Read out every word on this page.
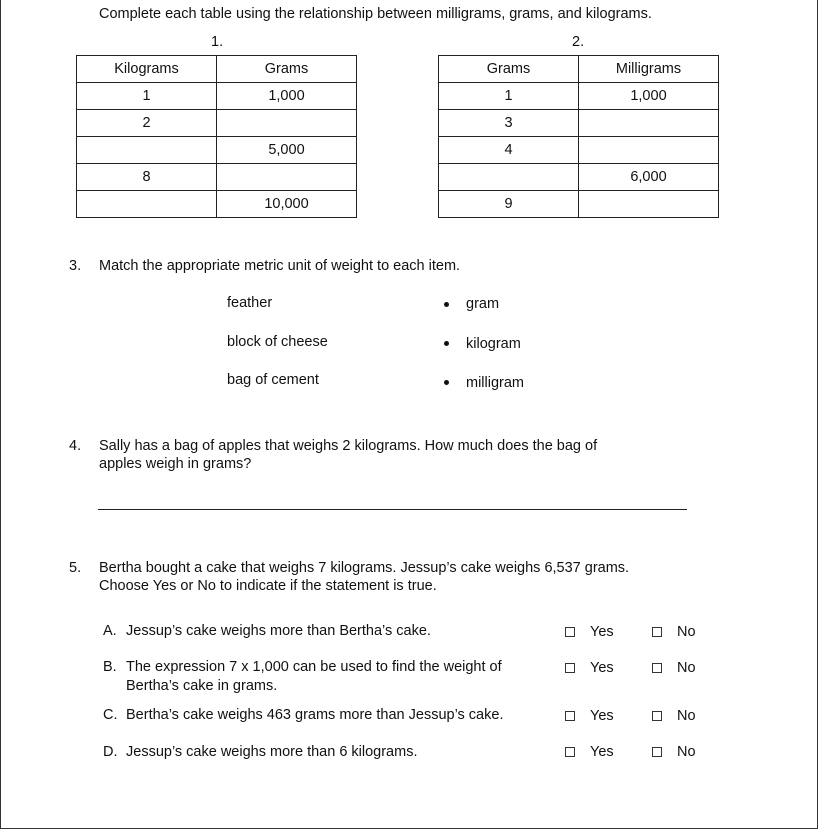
Complete each table using the relationship between milligrams, grams, and kilograms.
1.	2.
Kilograms	Grams
1	1,000
2	
	5,000
8	
	10,000
Grams	Milligrams
1	1,000
3	
4	
	6,000
9	
3. Match the appropriate metric unit of weight to each item.
feather
block of cheese
bag of cement
gram
kilogram
milligram
4. Sally has a bag of apples that weighs 2 kilograms. How much does the bag of
apples weigh in grams?
5. Bertha bought a cake that weighs 7 kilograms. Jessup’s cake weighs 6,537 grams.
Choose Yes or No to indicate if the statement is true.
A. Jessup’s cake weighs more than Bertha’s cake.	Yes	No
B. The expression 7 x 1,000 can be used to find the weight of
Bertha’s cake in grams.
Yes	No
C. Bertha’s cake weighs 463 grams more than Jessup’s cake.	Yes	No
D. Jessup’s cake weighs more than 6 kilograms.	Yes	No
